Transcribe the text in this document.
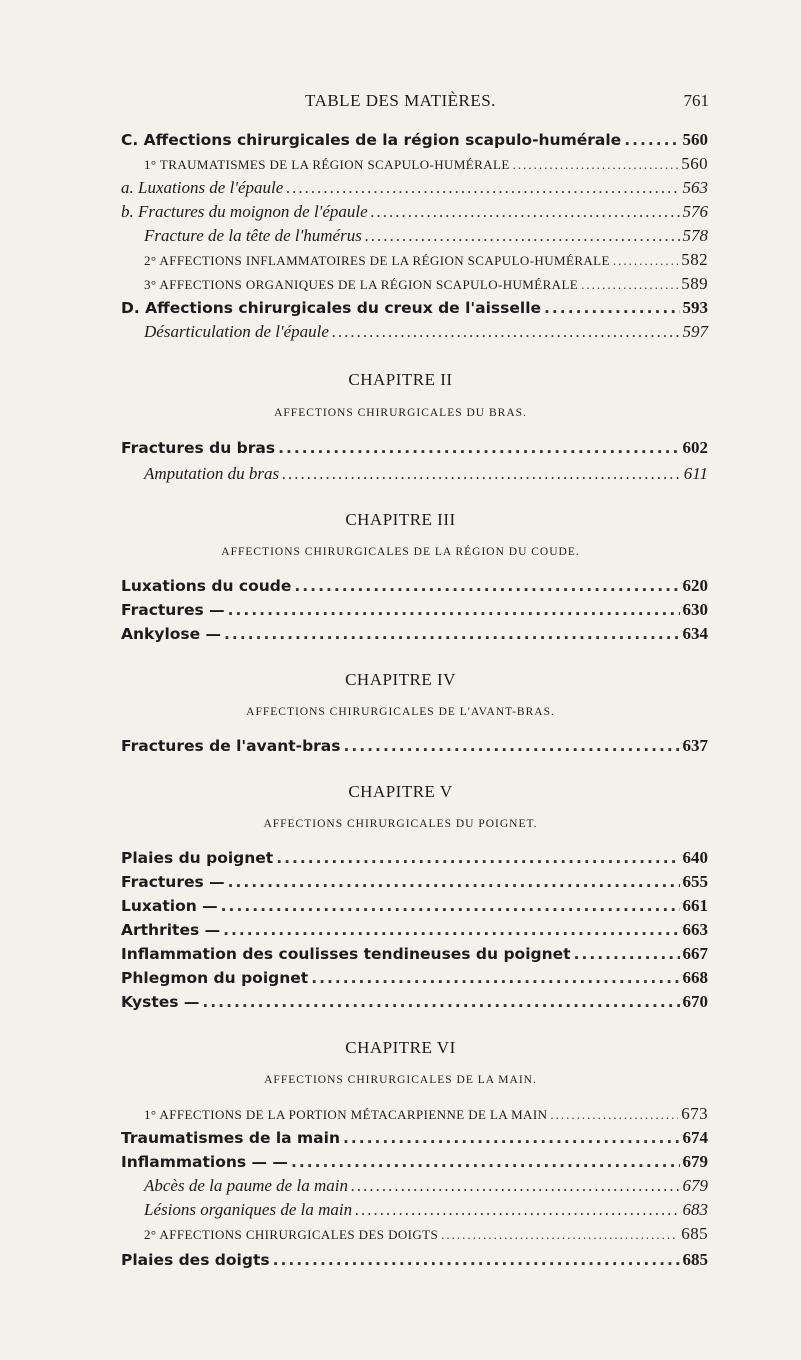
TABLE DES MATIÈRES.	761
C. Affections chirurgicales de la région scapulo-humérale .....	560
1° TRAUMATISMES DE LA RÉGION SCAPULO-HUMÉRALE .....	560
a. Luxations de l'épaule .....	563
b. Fractures du moignon de l'épaule .....	576
Fracture de la tête de l'humérus .....	578
2° AFFECTIONS INFLAMMATOIRES DE LA RÉGION SCAPULO-HUMÉRALE .....	582
3° AFFECTIONS ORGANIQUES DE LA RÉGION SCAPULO-HUMÉRALE .....	589
D. Affections chirurgicales du creux de l'aisselle .....	593
Désarticulation de l'épaule .....	597
CHAPITRE II
AFFECTIONS CHIRURGICALES DU BRAS.
Fractures du bras .....	602
Amputation du bras .....	611
CHAPITRE III
AFFECTIONS CHIRURGICALES DE LA RÉGION DU COUDE.
Luxations du coude .....	620
Fractures — .....	630
Ankylose — .....	634
CHAPITRE IV
AFFECTIONS CHIRURGICALES DE L'AVANT-BRAS.
Fractures de l'avant-bras .....	637
CHAPITRE V
AFFECTIONS CHIRURGICALES DU POIGNET.
Plaies du poignet .....	640
Fractures — .....	655
Luxation — .....	661
Arthrites — .....	663
Inflammation des coulisses tendineuses du poignet .....	667
Phlegmon du poignet .....	668
Kystes — .....	670
CHAPITRE VI
AFFECTIONS CHIRURGICALES DE LA MAIN.
1° AFFECTIONS DE LA PORTION MÉTACARPIENNE DE LA MAIN .....	673
Traumatismes de la main .....	674
Inflammations — — .....	679
Abcès de la paume de la main .....	679
Lésions organiques de la main .....	683
2° AFFECTIONS CHIRURGICALES DES DOIGTS .....	685
Plaies des doigts .....	685
